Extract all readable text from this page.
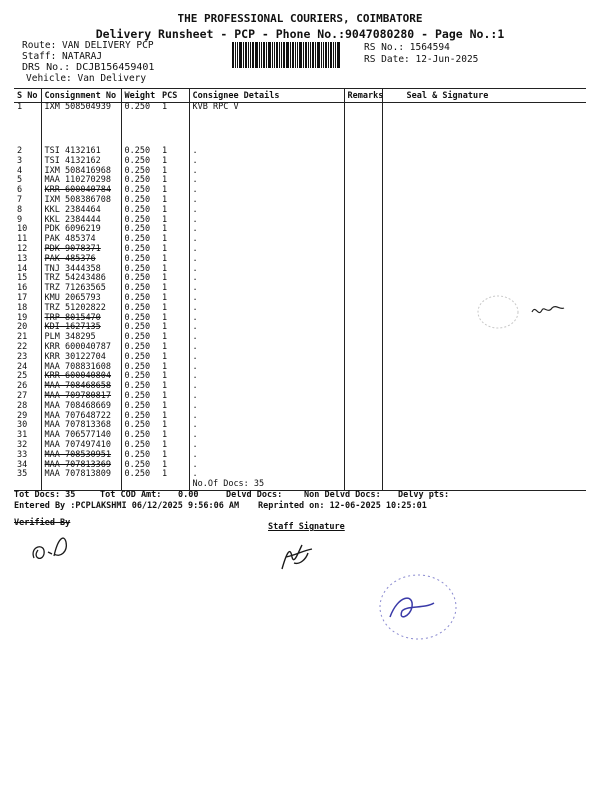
THE PROFESSIONAL COURIERS, COIMBATORE
Delivery Runsheet - PCP - Phone No.:9047080280 - Page No.:1
Route: VAN DELIVERY PCP
Staff: NATARAJ
DRS No.: DCJB156459401
Vehicle: Van Delivery
RS No.: 1564594
RS Date: 12-Jun-2025
S No	Consignment No	Weight	PCS	Consignee Details	Remarks	Seal & Signature
1	IXM 508504939	0.250	1	KVB RPC V		
2	TSI 4132161	0.250	1	.		
3	TSI 4132162	0.250	1	.		
4	IXM 508416968	0.250	1	.		
5	MAA 110270298	0.250	1	.		
6	KRR 600040784	0.250	1	.		
7	IXM 508386708	0.250	1	.		
8	KKL 2384464	0.250	1	.		
9	KKL 2384444	0.250	1	.		
10	PDK 6096219	0.250	1	.		
11	PAK 485374	0.250	1	.		
12	PDK 9078371	0.250	1	.		
13	PAK 485376	0.250	1	.		
14	TNJ 3444358	0.250	1	.		
15	TRZ 54243486	0.250	1	.		
16	TRZ 71263565	0.250	1	.		
17	KMU 2065793	0.250	1	.		
18	TRZ 51202822	0.250	1	.		
19	TRP 8015470	0.250	1	.		
20	KDI 1627135	0.250	1	.		
21	PLM 348295	0.250	1	.		
22	KRR 600040787	0.250	1	.		
23	KRR 30122704	0.250	1	.		
24	MAA 708831608	0.250	1	.		
25	KRR 600040804	0.250	1	.		
26	MAA 708468658	0.250	1	.		
27	MAA 709780817	0.250	1	.		
28	MAA 708468669	0.250	1	.		
29	MAA 707648722	0.250	1	.		
30	MAA 707813368	0.250	1	.		
31	MAA 706577140	0.250	1	.		
32	MAA 707497410	0.250	1	.		
33	MAA 708530951	0.250	1	.		
34	MAA 707813369	0.250	1	.		
35	MAA 707813809	0.250	1	.		
				No.Of Docs: 35		
Tot Docs: 35	Tot COD Amt: 0.00	Delvd Docs:	Non Delvd Docs: Delvy pts:
Entered By :PCPLAKSHMI 06/12/2025 9:56:06 AM Reprinted on: 12-06-2025 10:25:01
Verified By	Staff Signature
